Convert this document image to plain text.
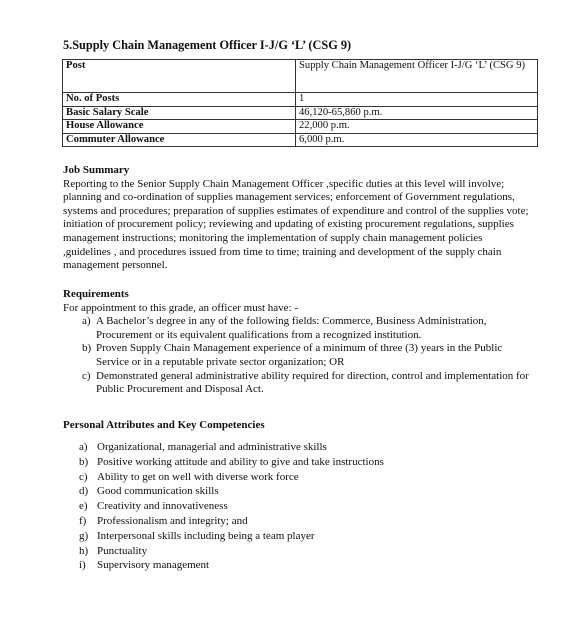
5.Supply Chain Management Officer I-J/G ‘L’ (CSG 9)
Post	Supply Chain Management Officer I-J/G ‘L’ (CSG 9)
No. of Posts	1
Basic Salary Scale	46,120-65,860 p.m.
House Allowance	22,000 p.m.
Commuter Allowance	6,000 p.m.
Job Summary

Reporting to the Senior Supply Chain Management Officer ,specific duties at this level will involve; planning and co-ordination of supplies management services; enforcement of Government regulations, systems and procedures; preparation of supplies estimates of expenditure and control of the supplies vote; initiation of procurement policy; reviewing and updating of existing procurement regulations, supplies management instructions; monitoring the implementation of supply chain management policies ,guidelines , and procedures issued from time to time; training and development of the supply chain management personnel.

Requirements

For appointment to this grade, an officer must have: -

a) A Bachelor’s degree in any of the following fields: Commerce, Business Administration, Procurement or its equivalent qualifications from a recognized institution.
b) Proven Supply Chain Management experience of a minimum of three (3) years in the Public Service or in a reputable private sector organization; OR
c) Demonstrated general administrative ability required for direction, control and implementation for Public Procurement and Disposal Act.
Personal Attributes and Key Competencies
a) Organizational, managerial and administrative skills
b) Positive working attitude and ability to give and take instructions
c) Ability to get on well with diverse work force
d) Good communication skills
e) Creativity and innovativeness
f) Professionalism and integrity; and
g) Interpersonal skills including being a team player
h) Punctuality
i) Supervisory management
